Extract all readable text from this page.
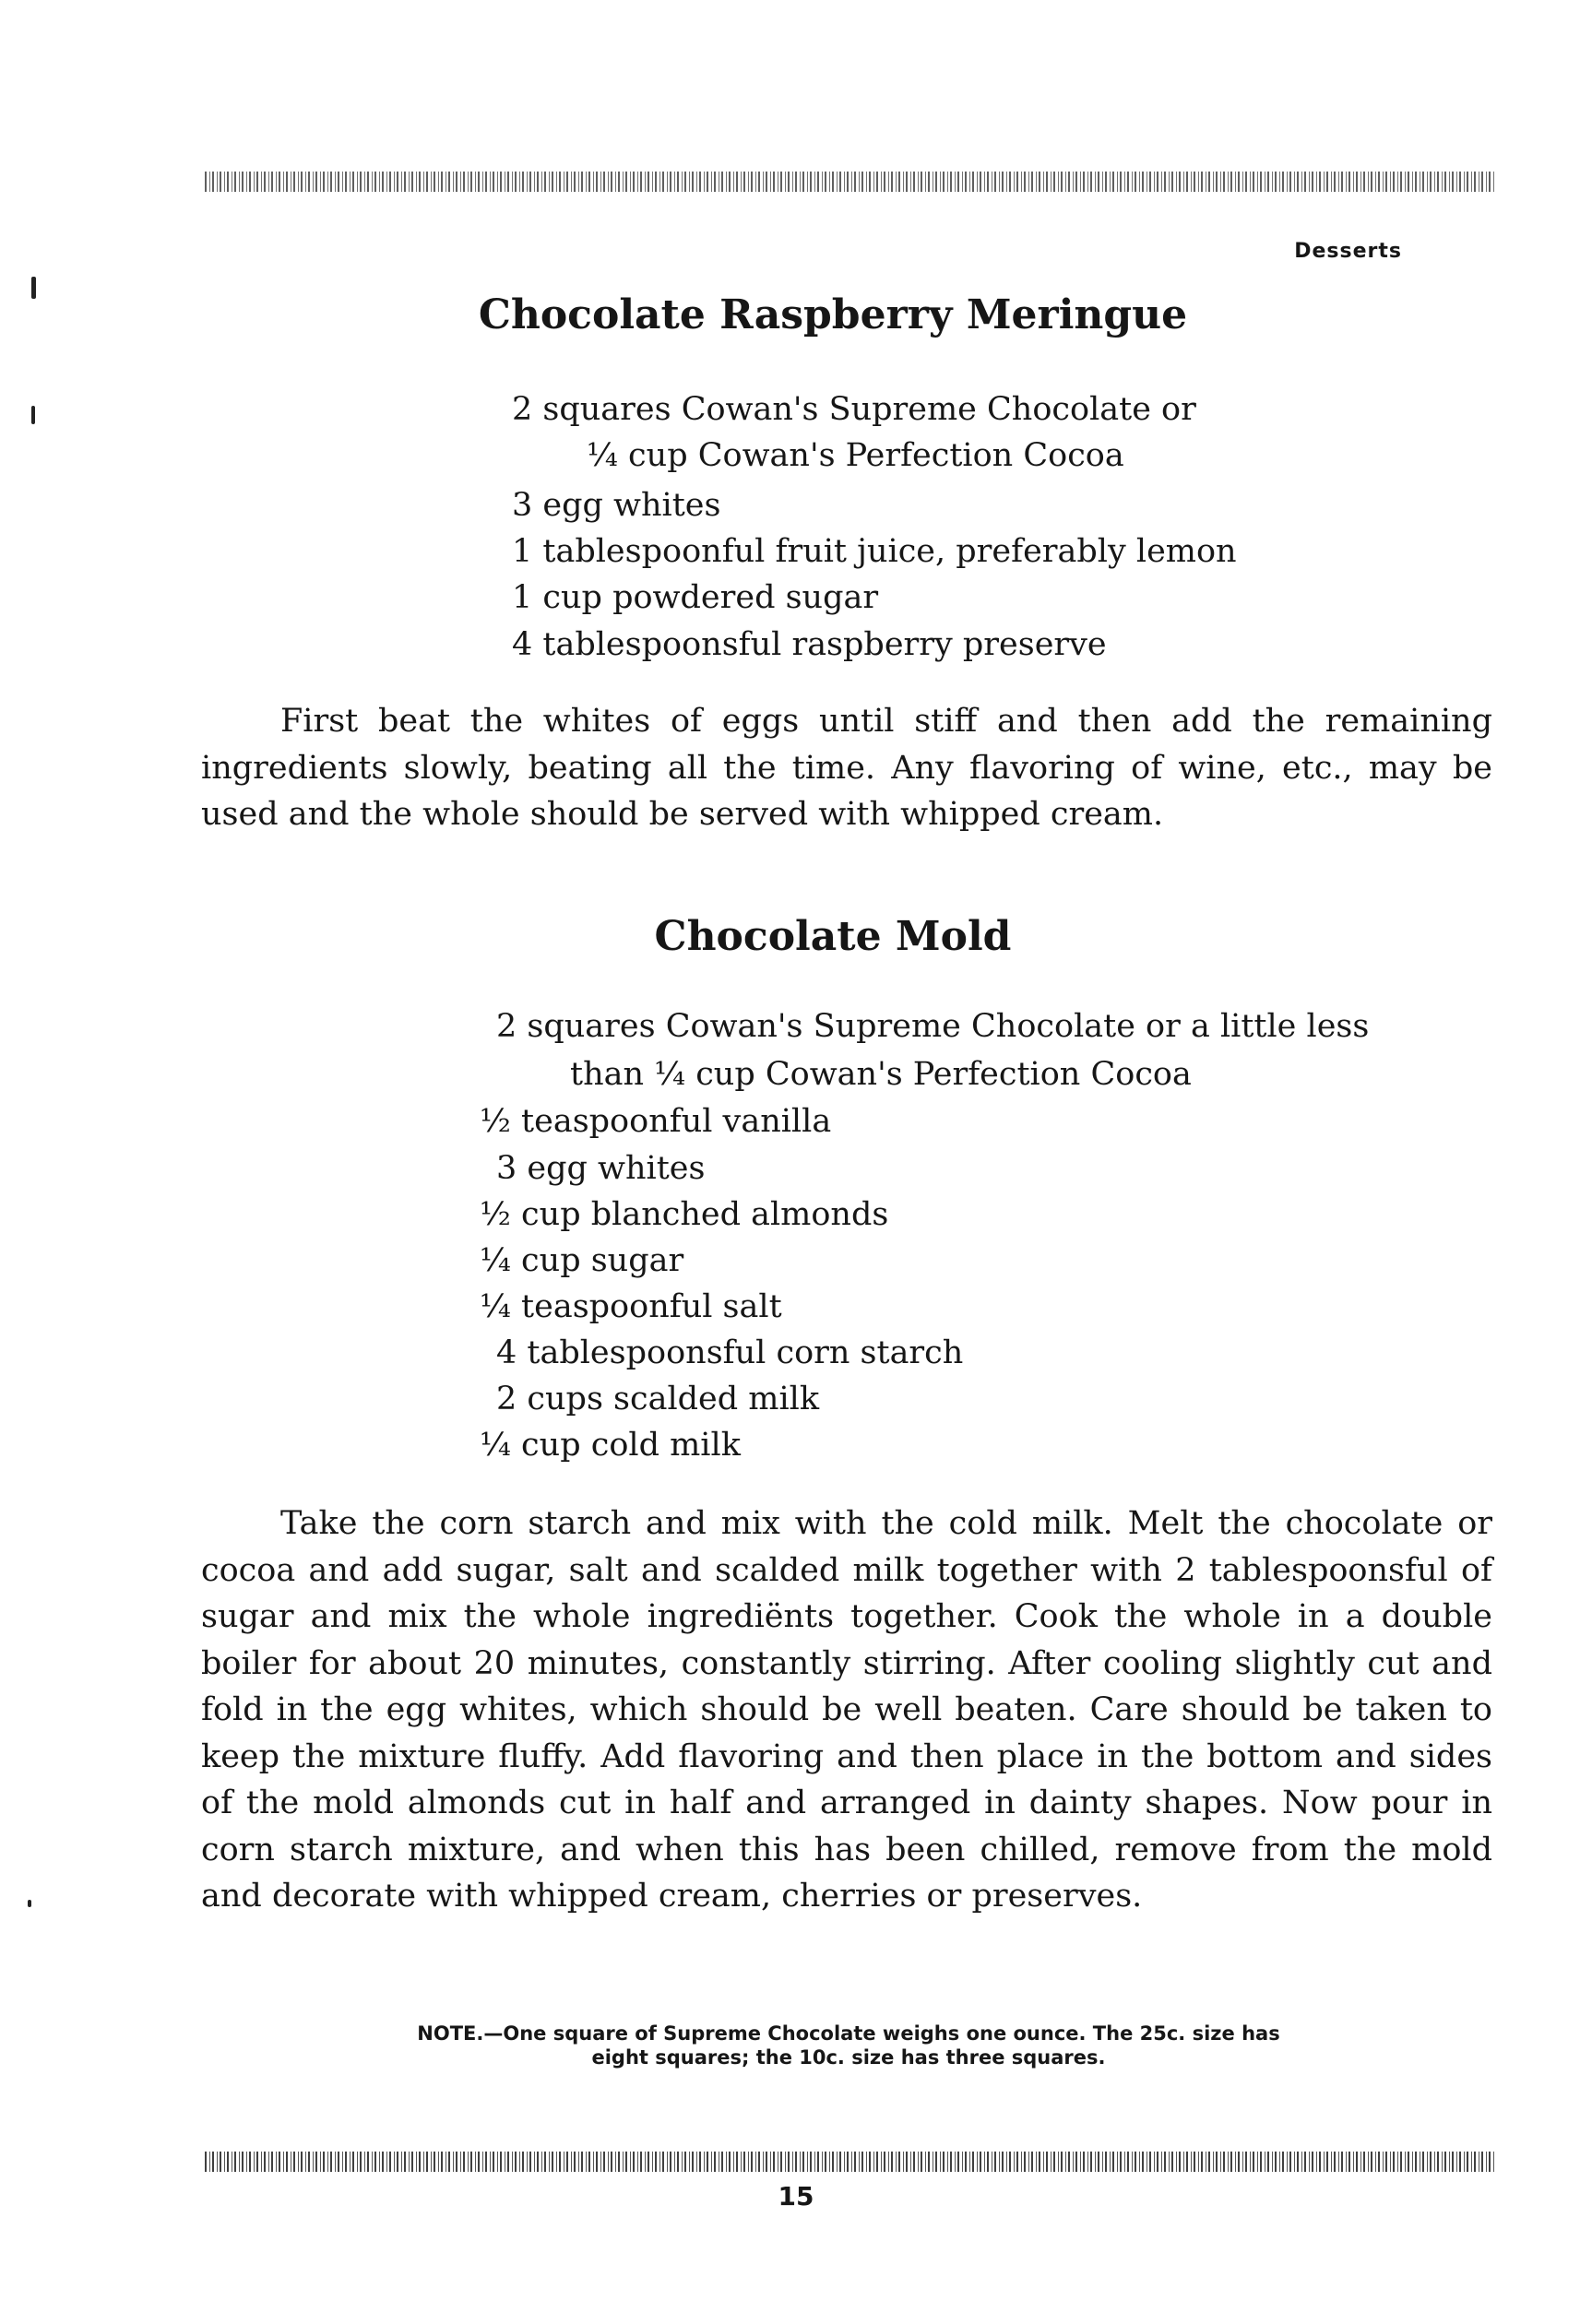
Desserts
Chocolate Raspberry Meringue
2 squares Cowan's Supreme Chocolate or
¼ cup Cowan's Perfection Cocoa
3 egg whites
1 tablespoonful fruit juice, preferably lemon
1 cup powdered sugar
4 tablespoonsful raspberry preserve

First beat the whites of eggs until stiff and then add the remaining ingredients slowly, beating all the time. Any flavoring of wine, etc., may be used and the whole should be served with whipped cream.

Chocolate Mold
2 squares Cowan's Supreme Chocolate or a little less
than ¼ cup Cowan's Perfection Cocoa
½ teaspoonful vanilla
3 egg whites
½ cup blanched almonds
¼ cup sugar
¼ teaspoonful salt
4 tablespoonsful corn starch
2 cups scalded milk
¼ cup cold milk

Take the corn starch and mix with the cold milk. Melt the chocolate or cocoa and add sugar, salt and scalded milk together with 2 tablespoonsful of sugar and mix the whole ingrediënts together. Cook the whole in a double boiler for about 20 minutes, constantly stirring. After cooling slightly cut and fold in the egg whites, which should be well beaten. Care should be taken to keep the mixture fluffy. Add flavoring and then place in the bottom and sides of the mold almonds cut in half and arranged in dainty shapes. Now pour in corn starch mixture, and when this has been chilled, remove from the mold and decorate with whipped cream, cherries or preserves.

NOTE.—One square of Supreme Chocolate weighs one ounce. The 25c. size has
eight squares; the 10c. size has three squares.
15
